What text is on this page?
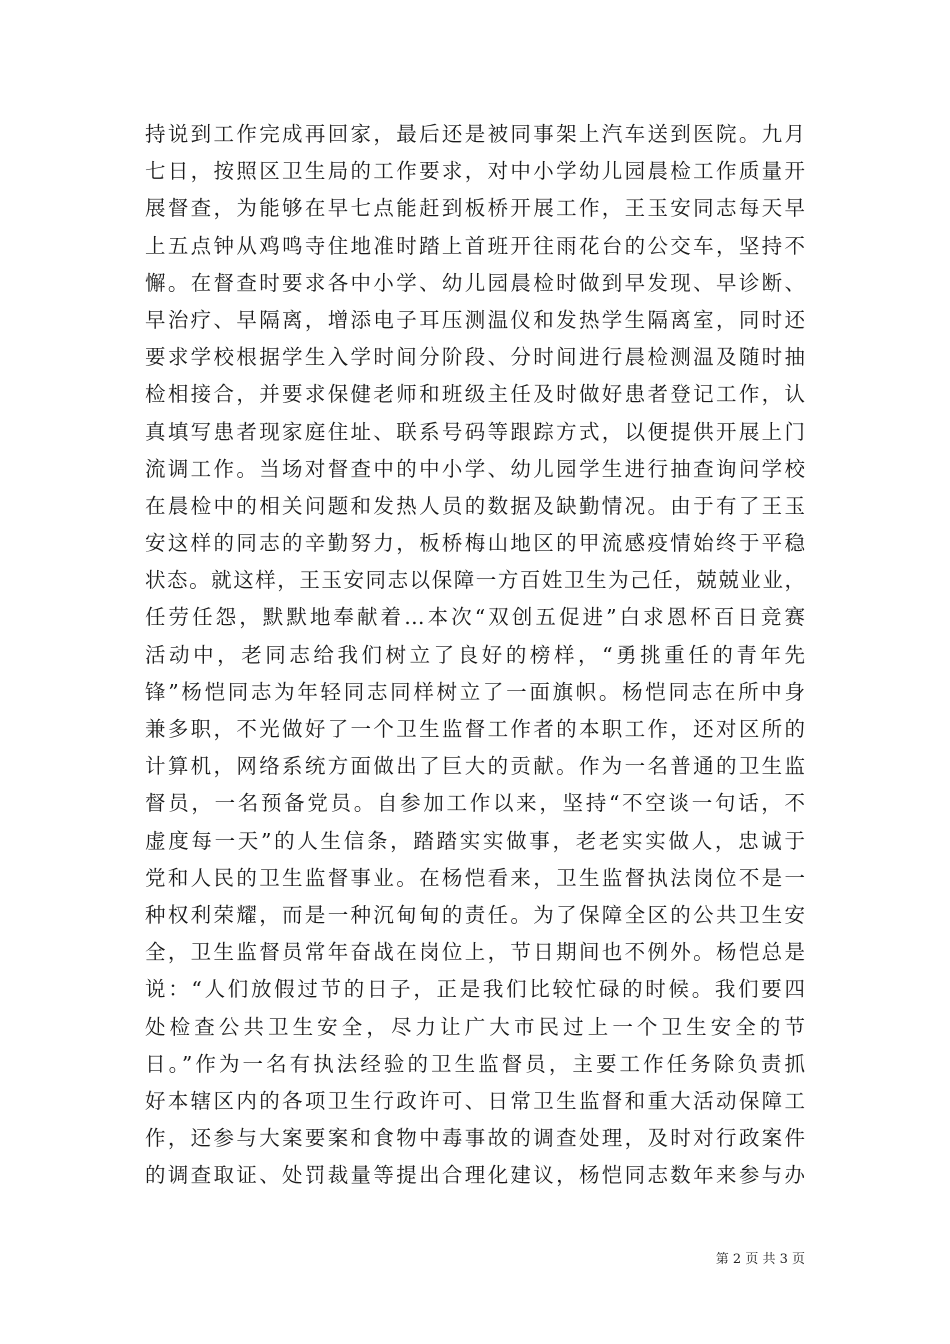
持说到工作完成再回家，最后还是被同事架上汽车送到医院。九月
七日，按照区卫生局的工作要求，对中小学幼儿园晨检工作质量开
展督查，为能够在早七点能赶到板桥开展工作，王玉安同志每天早
上五点钟从鸡鸣寺住地准时踏上首班开往雨花台的公交车，坚持不
懈。在督查时要求各中小学、幼儿园晨检时做到早发现、早诊断、
早治疗、早隔离，增添电子耳压测温仪和发热学生隔离室，同时还
要求学校根据学生入学时间分阶段、分时间进行晨检测温及随时抽
检相接合，并要求保健老师和班级主任及时做好患者登记工作，认
真填写患者现家庭住址、联系号码等跟踪方式，以便提供开展上门
流调工作。当场对督查中的中小学、幼儿园学生进行抽查询问学校
在晨检中的相关问题和发热人员的数据及缺勤情况。由于有了王玉
安这样的同志的辛勤努力，板桥梅山地区的甲流感疫情始终于平稳
状态。就这样，王玉安同志以保障一方百姓卫生为己任，兢兢业业，
任劳任怨，默默地奉献着…本次“双创五促进”白求恩杯百日竞赛
活动中，老同志给我们树立了良好的榜样，“勇挑重任的青年先
锋”杨恺同志为年轻同志同样树立了一面旗帜。杨恺同志在所中身
兼多职，不光做好了一个卫生监督工作者的本职工作，还对区所的
计算机，网络系统方面做出了巨大的贡献。作为一名普通的卫生监
督员，一名预备党员。自参加工作以来，坚持“不空谈一句话，不
虚度每一天”的人生信条，踏踏实实做事，老老实实做人，忠诚于
党和人民的卫生监督事业。在杨恺看来，卫生监督执法岗位不是一
种权利荣耀，而是一种沉甸甸的责任。为了保障全区的公共卫生安
全，卫生监督员常年奋战在岗位上，节日期间也不例外。杨恺总是
说：“人们放假过节的日子，正是我们比较忙碌的时候。我们要四
处检查公共卫生安全，尽力让广大市民过上一个卫生安全的节
日。”作为一名有执法经验的卫生监督员，主要工作任务除负责抓
好本辖区内的各项卫生行政许可、日常卫生监督和重大活动保障工
作，还参与大案要案和食物中毒事故的调查处理，及时对行政案件
的调查取证、处罚裁量等提出合理化建议，杨恺同志数年来参与办
第 2 页 共 3 页
